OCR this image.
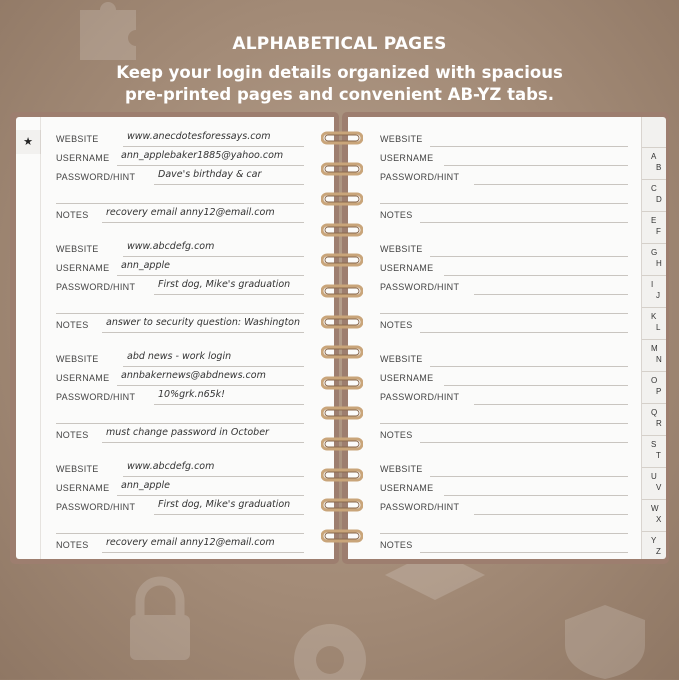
ALPHABETICAL PAGES
Keep your login details organized with spacious
pre-printed pages and convenient AB-YZ tabs.
★
A
B
C
D
E
F
G
H
I
J
K
L
M
N
O
P
Q
R
S
T
U
V
W
X
Y
Z
WEBSITE	www.anecdotesforessays.com
USERNAME ann_applebaker1885@yahoo.com
PASSWORD/HINT Dave's birthday & car
NOTES recovery email anny12@email.com
WEBSITE	www.abcdefg.com
USERNAME ann_apple
PASSWORD/HINT First dog, Mike's graduation
NOTES answer to security question: Washington
WEBSITE	abd news - work login
USERNAME annbakernews@abdnews.com
PASSWORD/HINT 10%grk.n65k!
NOTES must change password in October
WEBSITE	www.abcdefg.com
USERNAME ann_apple
PASSWORD/HINT First dog, Mike's graduation
NOTES recovery email anny12@email.com
WEBSITE
USERNAME
PASSWORD/HINT
NOTES
WEBSITE
USERNAME
PASSWORD/HINT
NOTES
WEBSITE
USERNAME
PASSWORD/HINT
NOTES
WEBSITE
USERNAME
PASSWORD/HINT
NOTES
